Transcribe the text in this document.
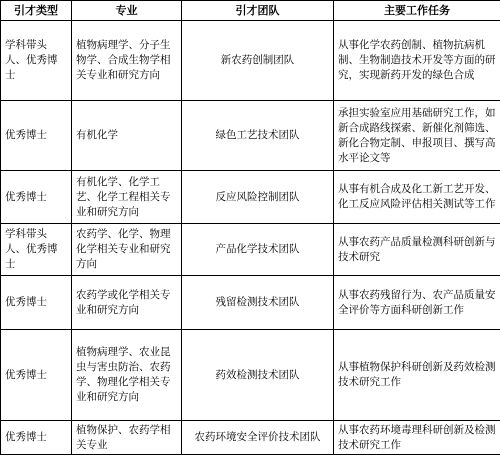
引才类型	专业	引才团队	主要工作任务
学科带头人、优秀博士	植物病理学、分子生物学、合成生物学相关专业和研究方向	新农药创制团队	从事化学农药创制、植物抗病机制、生物制造技术开发等方面的研究，实现新药开发的绿色合成
优秀博士	有机化学	绿色工艺技术团队	承担实验室应用基础研究工作，如新合成路线探索、新催化剂筛选、新化合物定制、申报项目、撰写高水平论文等
优秀博士	有机化学、化学工艺、化学工程相关专业和研究方向	反应风险控制团队	从事有机合成及化工新工艺开发、化工反应风险评估相关测试等工作
学科带头人、优秀博士	农药学、化学、物理化学相关专业和研究方向	产品化学技术团队	从事农药产品质量检测科研创新与技术研究
优秀博士	农药学或化学相关专业和研究方向	残留检测技术团队	从事农药残留行为、农产品质量安全评价等方面科研创新工作
优秀博士	植物病理学、农业昆虫与害虫防治、农药学、物理化学相关专业和研究方向	药效检测技术团队	从事植物保护科研创新及药效检测技术研究工作
优秀博士	植物保护、农药学相关专业	农药环境安全评价技术团队	从事农药环境毒理科研创新及检测技术研究工作
